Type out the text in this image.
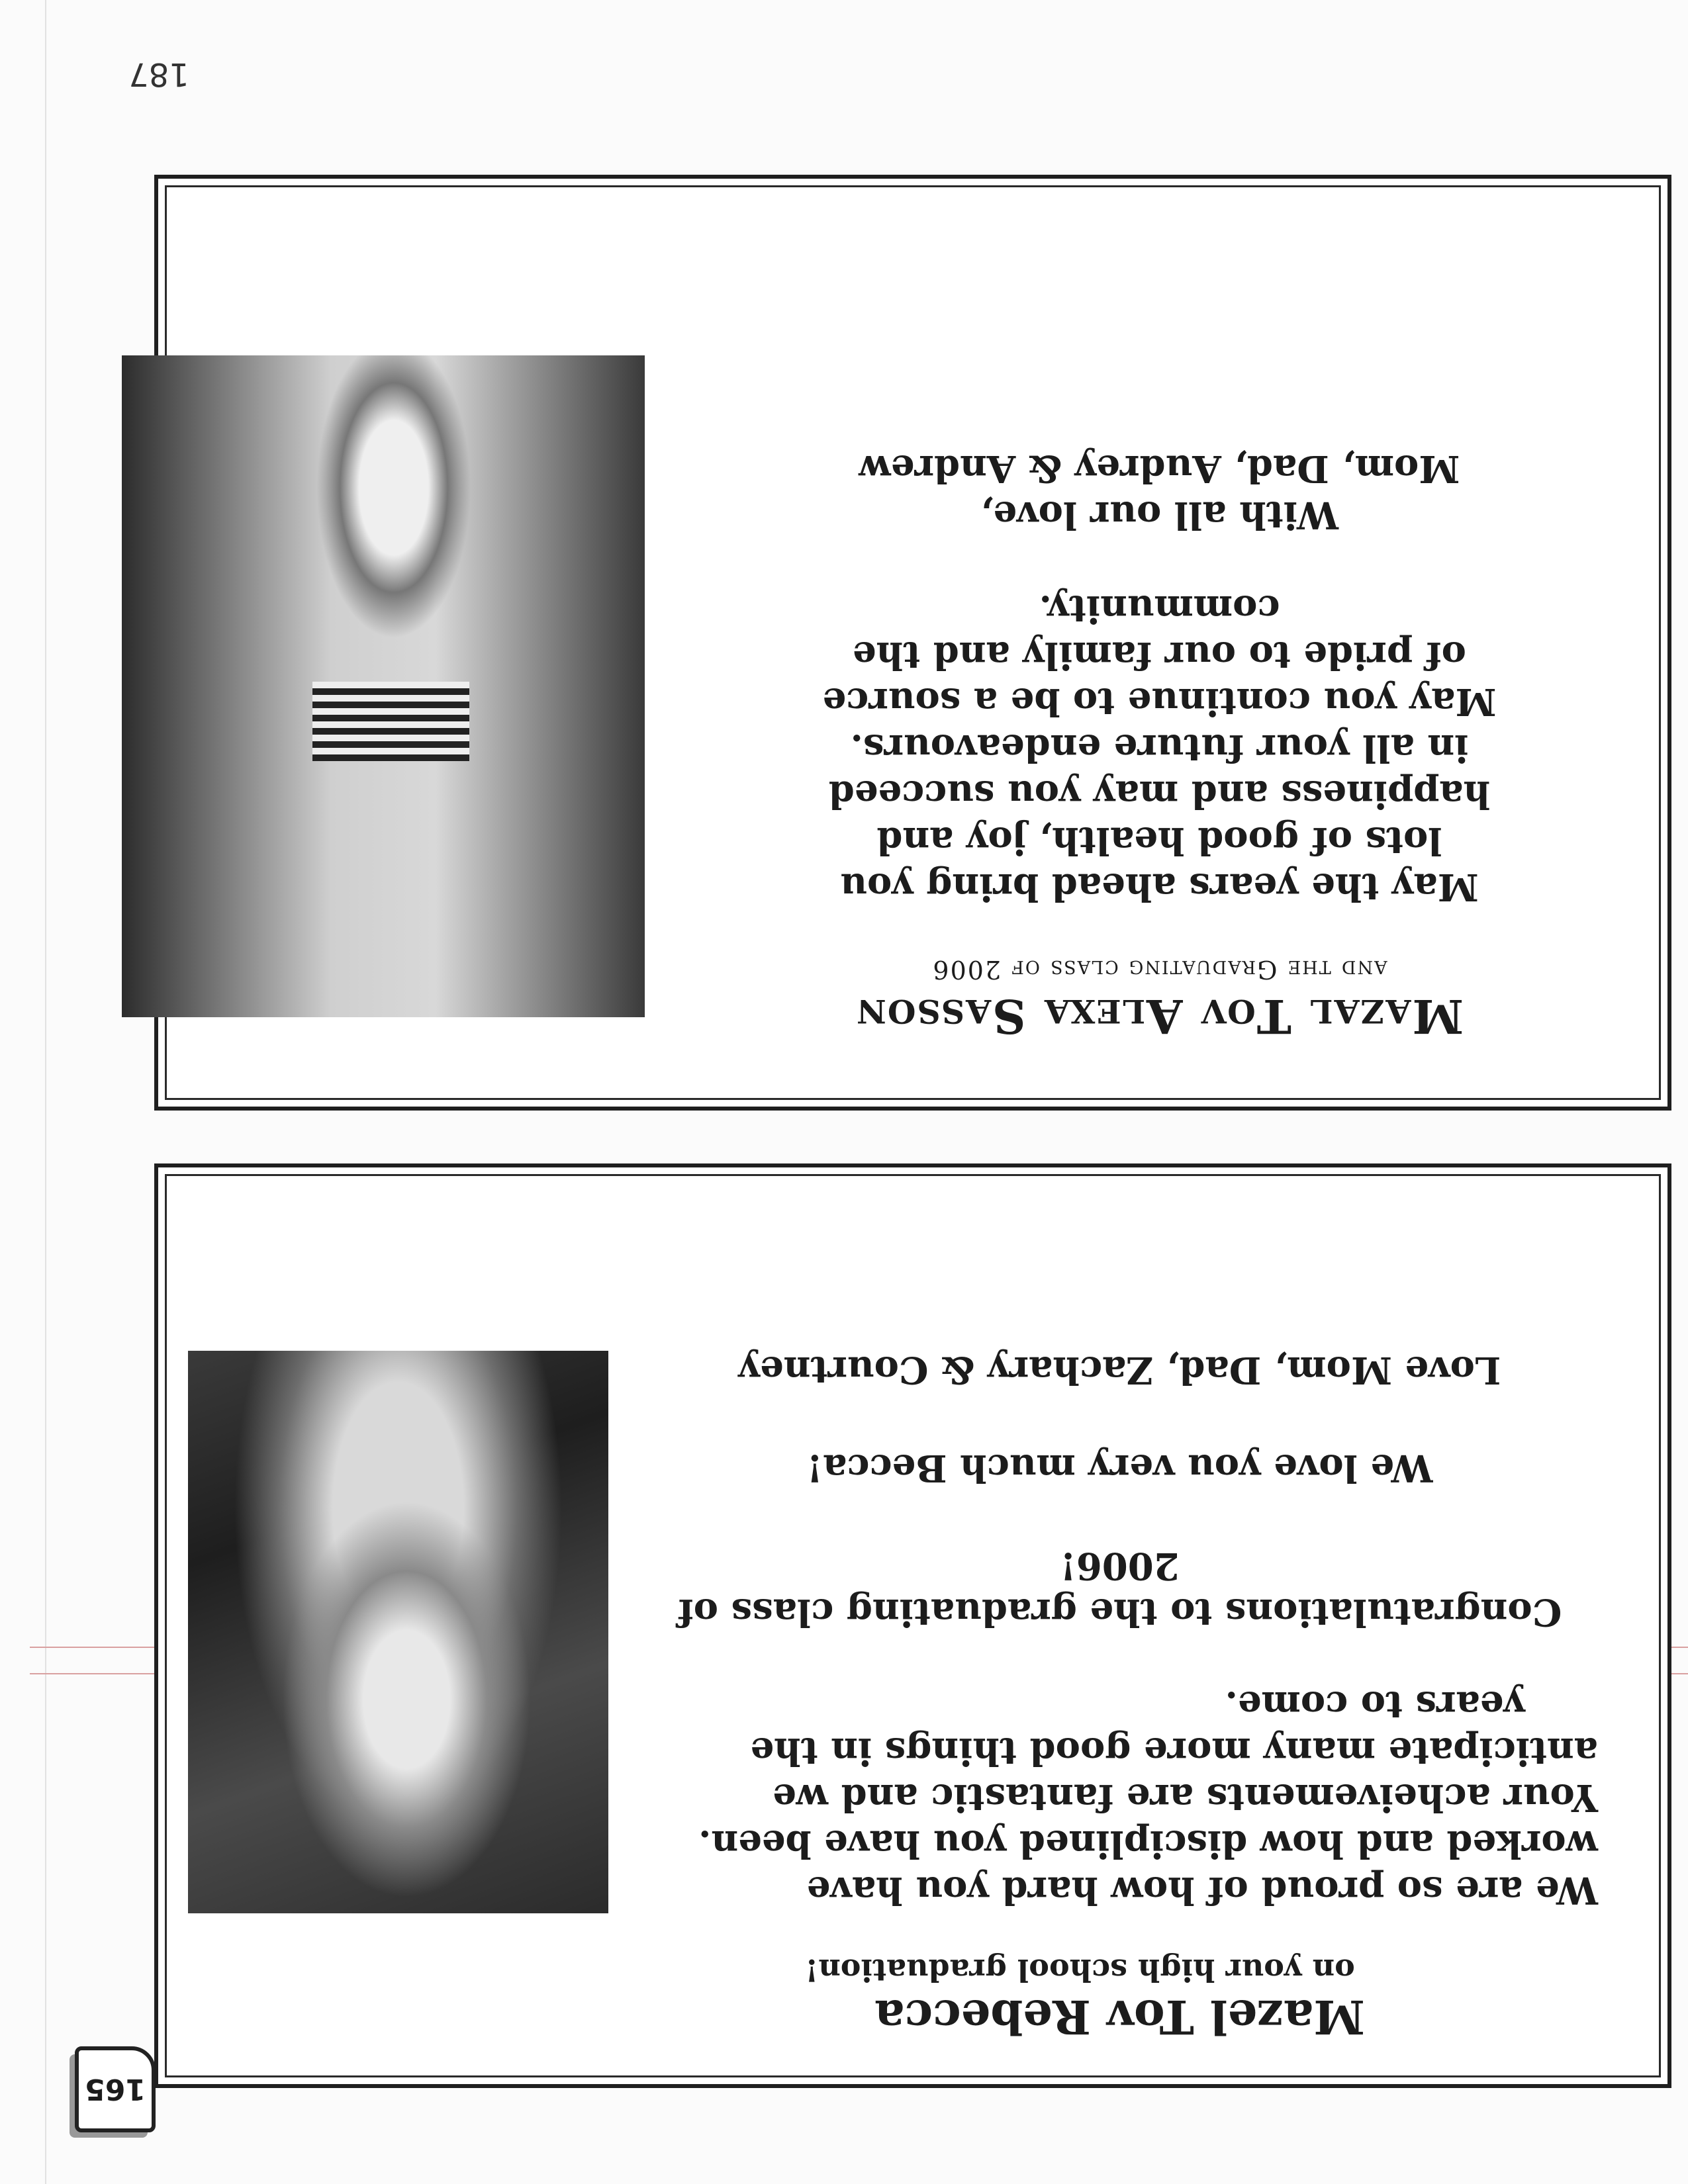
187
165
Mazal Tov Alexa Sasson
and the Graduating class of 2006

May the years ahead bring you

lots of good health, joy and

happiness and may you succeed

in all your future endeavours.

May you continue to be a source

of pride to our family and the

community.

With all our love,
Mom, Dad, Audrey & Andrew
Mazel Tov Rebecca
on your high school graduation!

We are so proud of how hard you have

worked and how disciplined you have been.

Your acheivements are fantastic and we

anticipate many more good things in the

years to come.

Congratulations to the graduating class of

2006!

We love you very much Becca!
Love Mom, Dad, Zachary & Courtney
